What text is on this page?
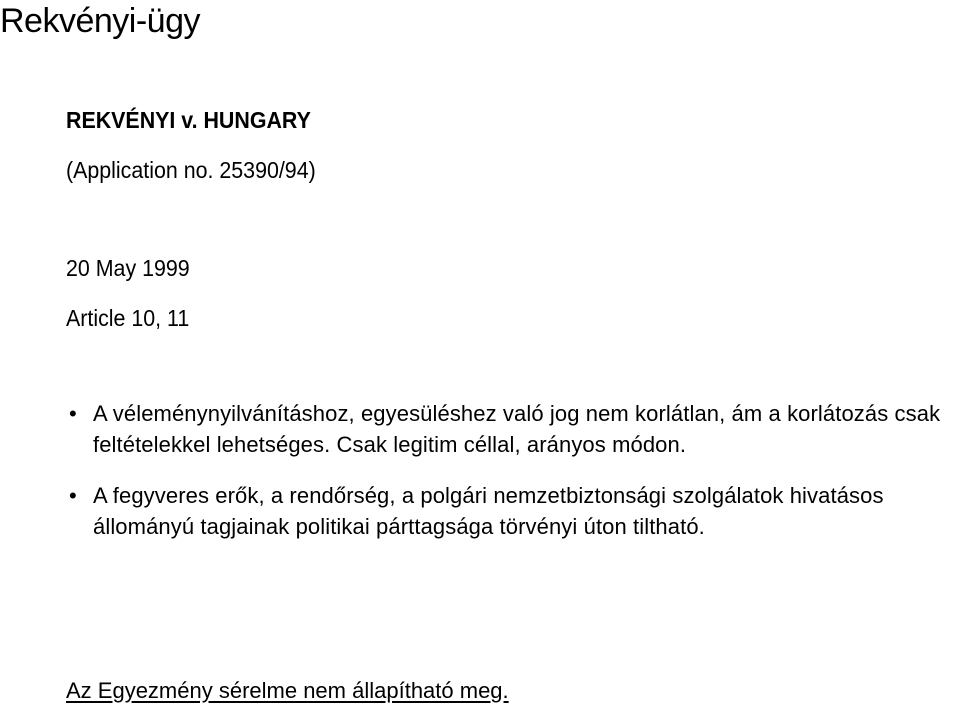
Rekvényi-ügy
REKVÉNYI v. HUNGARY
(Application no. 25390/94)
20 May 1999
Article 10, 11
• A véleménynyilvánításhoz, egyesüléshez való jog nem korlátlan, ám a korlátozás csak feltételekkel lehetséges. Csak legitim céllal, arányos módon.
• A fegyveres erők, a rendőrség, a polgári nemzetbiztonsági szolgálatok hivatásos állományú tagjainak politikai párttagsága törvényi úton tiltható.
Az Egyezmény sérelme nem állapítható meg.
